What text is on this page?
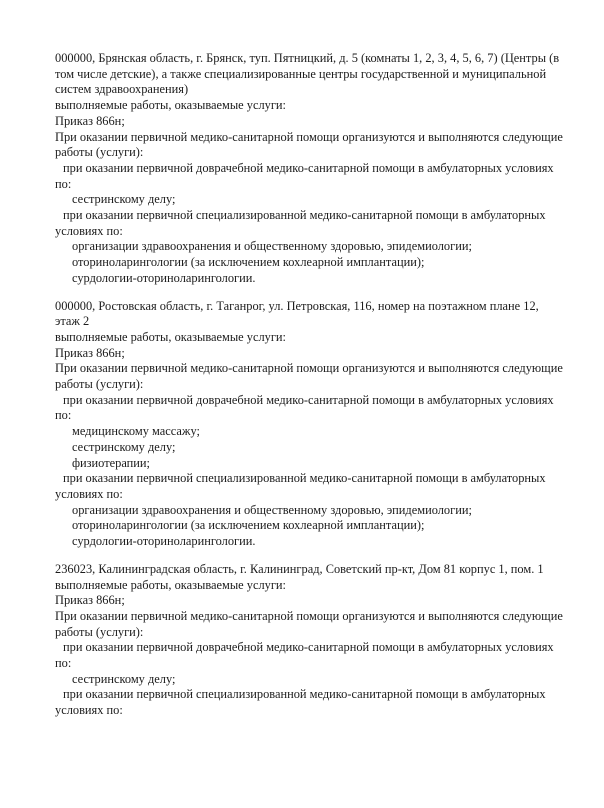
000000, Брянская область, г. Брянск, туп. Пятницкий, д. 5 (комнаты 1, 2, 3, 4, 5, 6, 7) (Центры (в
том числе детские), а также специализированные центры государственной и муниципальной
систем здравоохранения)
выполняемые работы, оказываемые услуги:
Приказ 866н;
При оказании первичной медико-санитарной помощи организуются и выполняются следующие
работы (услуги):
при оказании первичной доврачебной медико-санитарной помощи в амбулаторных условиях
по:
сестринскому делу;
при оказании первичной специализированной медико-санитарной помощи в амбулаторных
условиях по:
организации здравоохранения и общественному здоровью, эпидемиологии;
оториноларингологии (за исключением кохлеарной имплантации);
сурдологии-оториноларингологии.
000000, Ростовская область, г. Таганрог, ул. Петровская, 116, номер на поэтажном плане 12,
этаж 2
выполняемые работы, оказываемые услуги:
Приказ 866н;
При оказании первичной медико-санитарной помощи организуются и выполняются следующие
работы (услуги):
при оказании первичной доврачебной медико-санитарной помощи в амбулаторных условиях
по:
медицинскому массажу;
сестринскому делу;
физиотерапии;
при оказании первичной специализированной медико-санитарной помощи в амбулаторных
условиях по:
организации здравоохранения и общественному здоровью, эпидемиологии;
оториноларингологии (за исключением кохлеарной имплантации);
сурдологии-оториноларингологии.
236023, Калининградская область, г. Калининград, Советский пр-кт, Дом 81 корпус 1, пом. 1
выполняемые работы, оказываемые услуги:
Приказ 866н;
При оказании первичной медико-санитарной помощи организуются и выполняются следующие
работы (услуги):
при оказании первичной доврачебной медико-санитарной помощи в амбулаторных условиях
по:
сестринскому делу;
при оказании первичной специализированной медико-санитарной помощи в амбулаторных
условиях по:
